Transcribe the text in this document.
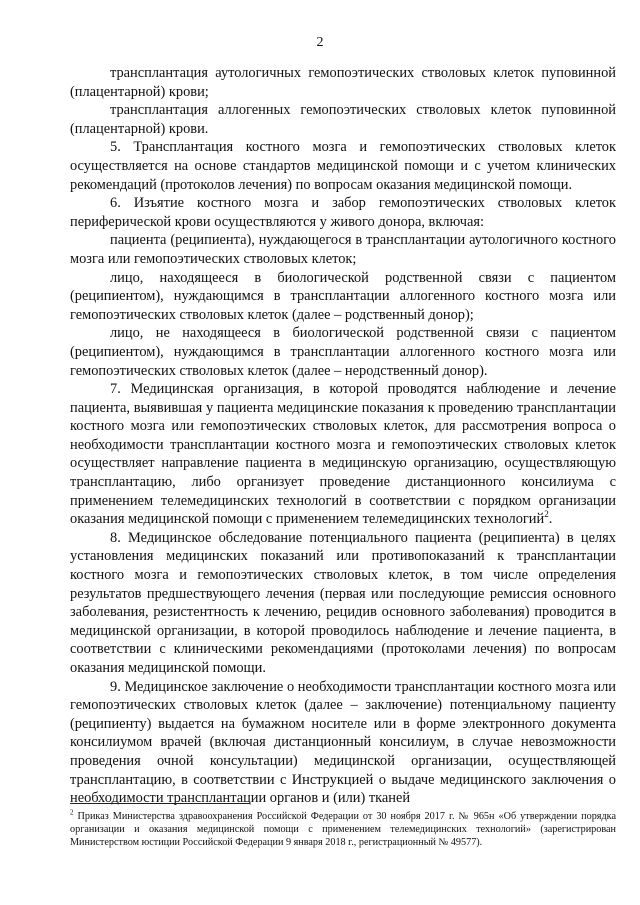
2

трансплантация аутологичных гемопоэтических стволовых клеток пуповинной (плацентарной) крови;

трансплантация аллогенных гемопоэтических стволовых клеток пуповинной (плацентарной) крови.

5. Трансплантация костного мозга и гемопоэтических стволовых клеток осуществляется на основе стандартов медицинской помощи и с учетом клинических рекомендаций (протоколов лечения) по вопросам оказания медицинской помощи.

6. Изъятие костного мозга и забор гемопоэтических стволовых клеток периферической крови осуществляются у живого донора, включая:

пациента (реципиента), нуждающегося в трансплантации аутологичного костного мозга или гемопоэтических стволовых клеток;

лицо, находящееся в биологической родственной связи с пациентом (реципиентом), нуждающимся в трансплантации аллогенного костного мозга или гемопоэтических стволовых клеток (далее – родственный донор);

лицо, не находящееся в биологической родственной связи с пациентом (реципиентом), нуждающимся в трансплантации аллогенного костного мозга или гемопоэтических стволовых клеток (далее – неродственный донор).

7. Медицинская организация, в которой проводятся наблюдение и лечение пациента, выявившая у пациента медицинские показания к проведению трансплантации костного мозга или гемопоэтических стволовых клеток, для рассмотрения вопроса о необходимости трансплантации костного мозга и гемопоэтических стволовых клеток осуществляет направление пациента в медицинскую организацию, осуществляющую трансплантацию, либо организует проведение дистанционного консилиума с применением телемедицинских технологий в соответствии с порядком организации оказания медицинской помощи с применением телемедицинских технологий$^2$.

8. Медицинское обследование потенциального пациента (реципиента) в целях установления медицинских показаний или противопоказаний к трансплантации костного мозга и гемопоэтических стволовых клеток, в том числе определения результатов предшествующего лечения (первая или последующие ремиссия основного заболевания, резистентность к лечению, рецидив основного заболевания) проводится в медицинской организации, в которой проводилось наблюдение и лечение пациента, в соответствии с клиническими рекомендациями (протоколами лечения) по вопросам оказания медицинской помощи.

9. Медицинское заключение о необходимости трансплантации костного мозга или гемопоэтических стволовых клеток (далее – заключение) потенциальному пациенту (реципиенту) выдается на бумажном носителе или в форме электронного документа консилиумом врачей (включая дистанционный консилиум, в случае невозможности проведения очной консультации) медицинской организации, осуществляющей трансплантацию, в соответствии с Инструкцией о выдаче медицинского заключения о необходимости трансплантации органов и (или) тканей

$^2$ Приказ Министерства здравоохранения Российской Федерации от 30 ноября 2017 г. № 965н «Об утверждении порядка организации и оказания медицинской помощи с применением телемедицинских технологий» (зарегистрирован Министерством юстиции Российской Федерации 9 января 2018 г., регистрационный № 49577).
